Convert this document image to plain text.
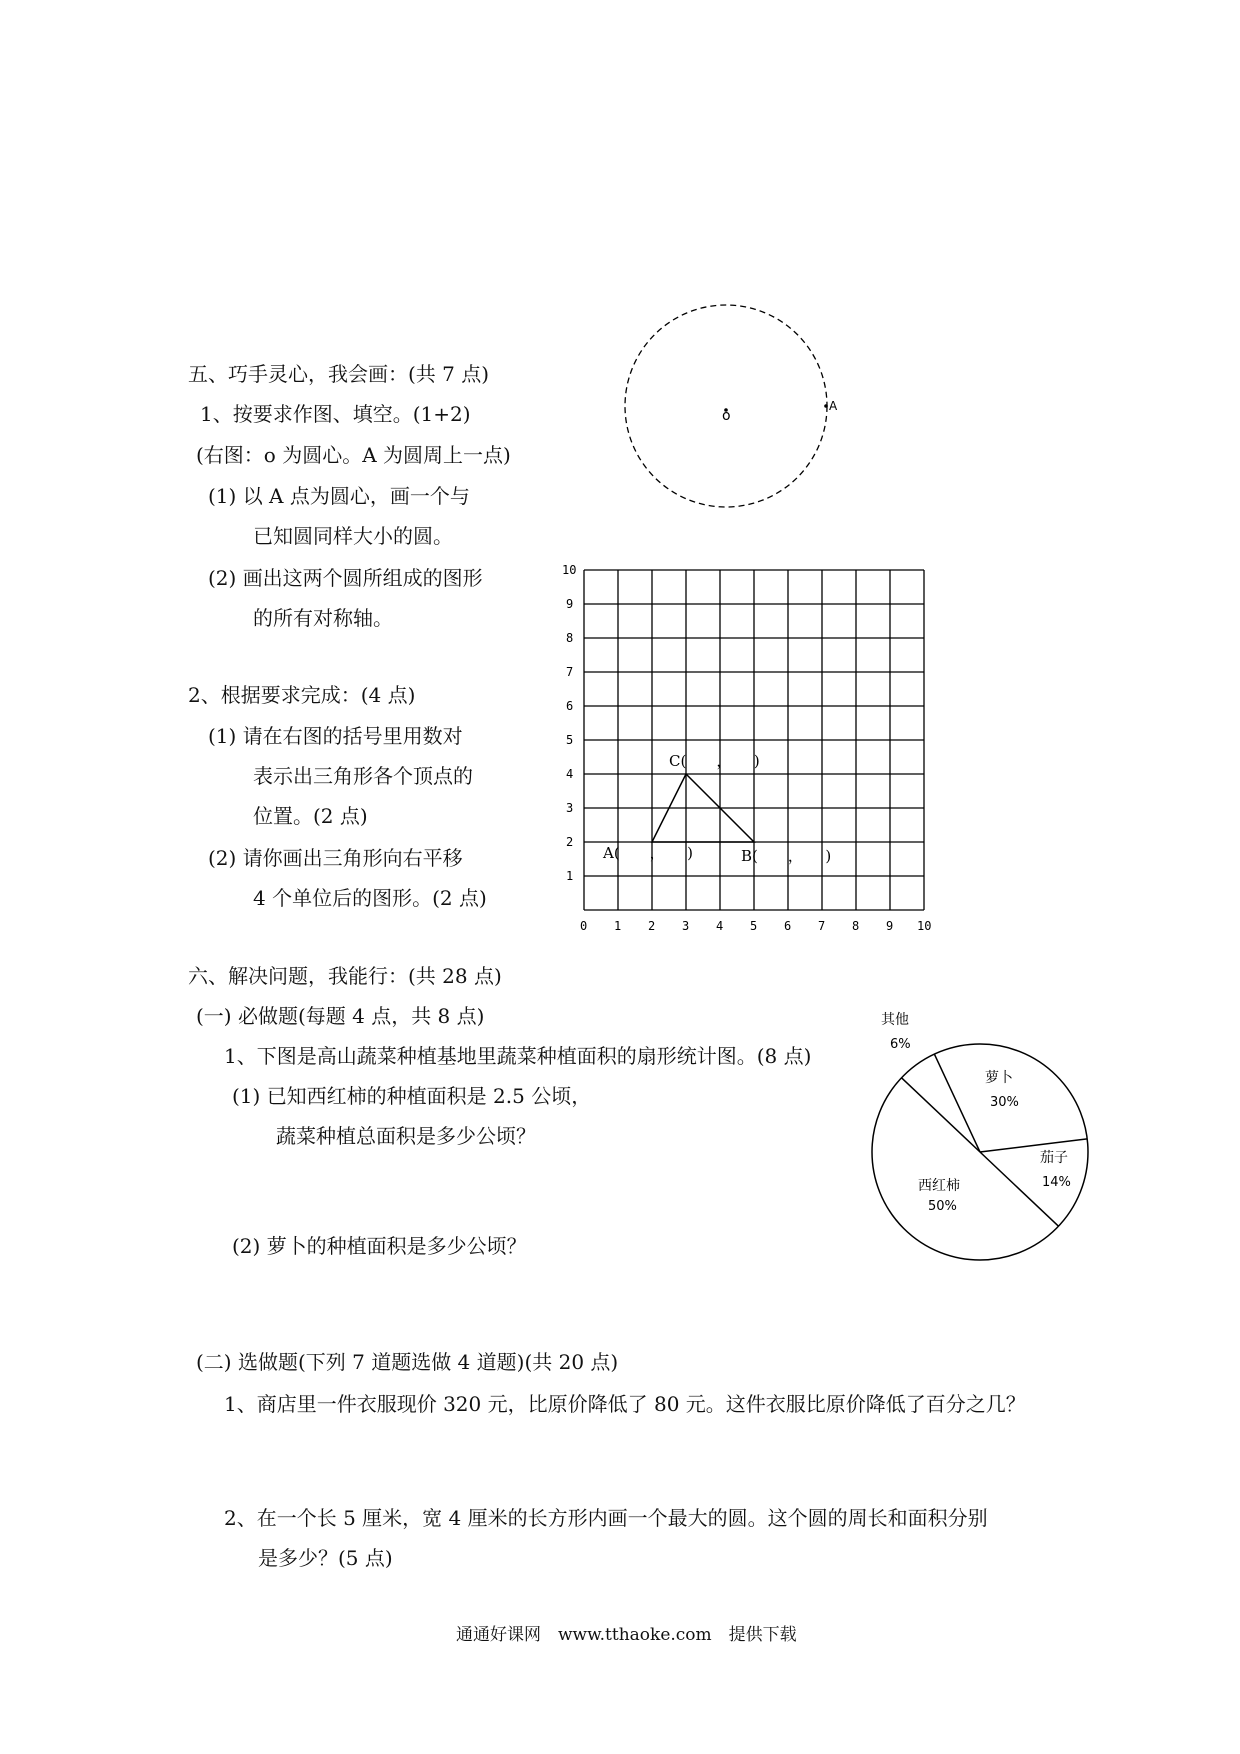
五、巧手灵心，我会画：(共 7 点)
1、按要求作图、填空。(1+2)
(右图：o 为圆心。A 为圆周上一点)
(1) 以 A 点为圆心，画一个与
已知圆同样大小的圆。
(2) 画出这两个圆所组成的图形
的所有对称轴。
2、根据要求完成：(4 点)
(1) 请在右图的括号里用数对
表示出三角形各个顶点的
位置。(2 点)
(2) 请你画出三角形向右平移
4 个单位后的图形。(2 点)
o
A
0 1 2 3 4 5 6 7 8 9 10
1
2
3
4
5
6
7
8
9
10
C(　　，　　)
A(　　，　　)	B(　　，　　)
六、解决问题，我能行：(共 28 点)
(一) 必做题(每题 4 点，共 8 点)
1、下图是高山蔬菜种植基地里蔬菜种植面积的扇形统计图。(8 点)
(1) 已知西红柿的种植面积是 2.5 公顷，
蔬菜种植总面积是多少公顷？
(2) 萝卜的种植面积是多少公顷？
其他
6%
萝卜
30%
茄子
14%
西红柿
50%
(二) 选做题(下列 7 道题选做 4 道题)(共 20 点)
1、商店里一件衣服现价 320 元，比原价降低了 80 元。这件衣服比原价降低了百分之几？
2、在一个长 5 厘米，宽 4 厘米的长方形内画一个最大的圆。这个圆的周长和面积分别
是多少？(5 点)
通通好课网　www.tthaoke.com　提供下载
